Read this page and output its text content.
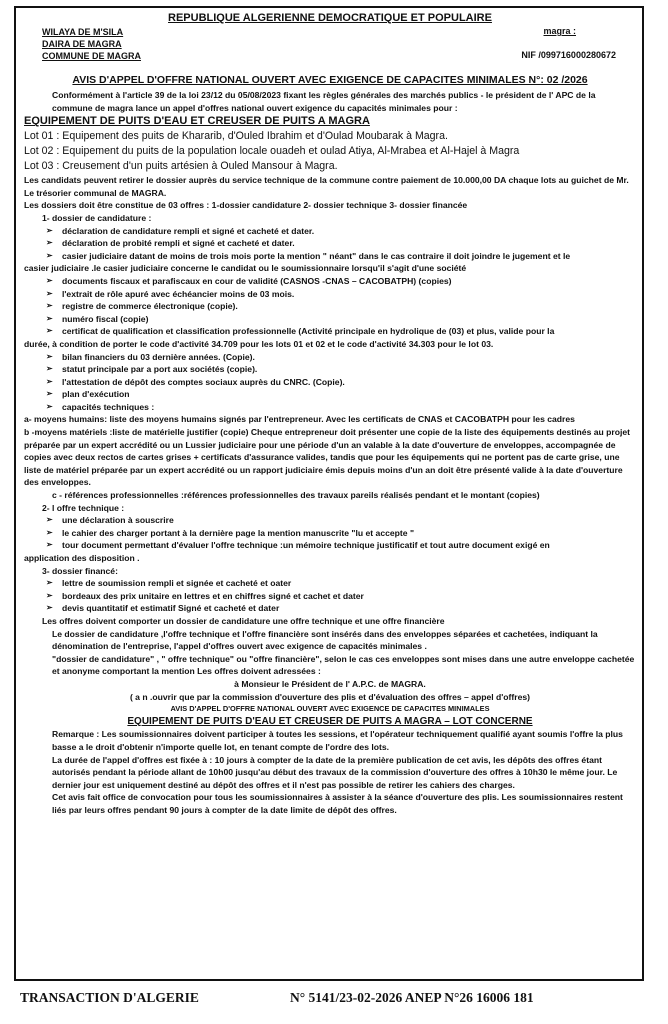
REPUBLIQUE ALGERIENNE DEMOCRATIQUE ET POPULAIRE
WILAYA DE M'SILA
DAIRA DE MAGRA
COMMUNE DE MAGRA
magra :
NIF /099716000280672
AVIS D'APPEL D'OFFRE NATIONAL OUVERT AVEC EXIGENCE DE CAPACITES MINIMALES N°: 02 /2026

Conformément à l'article 39 de la loi 23/12 du 05/08/2023 fixant les règles générales des marchés publics - le président de l' APC de la commune de magra lance un appel d'offres national ouvert exigence du capacités minimales pour :

EQUIPEMENT DE PUITS D'EAU ET CREUSER DE PUITS A MAGRA

Lot 01 : Equipement des puits de Khararib, d'Ouled Ibrahim et d'Oulad Moubarak à Magra.

Lot 02 : Equipement du puits de la population locale ouadeh et oulad Atiya, Al-Mrabea et Al-Hajel à Magra

Lot 03 : Creusement d'un puits artésien à Ouled Mansour à Magra.

Les candidats peuvent retirer le dossier auprès du service technique de la commune contre paiement de 10.000,00 DA chaque lots au guichet de Mr. Le trésorier communal de MAGRA.

Les dossiers doit être constitue de 03 offres : 1-dossier candidature 2- dossier technique 3- dossier financée

1- dossier de candidature :

➢ déclaration de candidature rempli et signé et cacheté et dater.

➢ déclaration de probité rempli et signé et cacheté et dater.

➢ casier judiciaire datant de moins de trois mois porte la mention " néant" dans le cas contraire il doit joindre le jugement et le

casier judiciaire .le casier judiciaire concerne le candidat ou le soumissionnaire lorsqu'il s'agit d'une société

➢ documents fiscaux et parafiscaux en cour de validité (CASNOS -CNAS – CACOBATPH) (copies)

➢ l'extrait de rôle apuré avec échéancier moins de 03 mois.

➢ registre de commerce électronique (copie).

➢ numéro fiscal (copie)

➢ certificat de qualification et classification professionnelle (Activité principale en hydrolique de (03) et plus, valide pour la

durée, à condition de porter le code d'activité 34.709 pour les lots 01 et 02 et le code d'activité 34.303 pour le lot 03.

➢ bilan financiers du 03 dernière années. (Copie).

➢ statut principale par a port aux sociétés (copie).

➢ l'attestation de dépôt des comptes sociaux auprès du CNRC. (Copie).

➢ plan d'exécution

➢ capacités techniques :

a- moyens humains: liste des moyens humains signés par l'entrepreneur. Avec les certificats de CNAS et CACOBATPH pour les cadres

b -moyens matériels :liste de matérielle justifier (copie) Cheque entrepreneur doit présenter une copie de la liste des équipements destinés au projet préparée par un expert accrédité ou un Lussier judiciaire pour une période d'un an valable à la date d'ouverture de enveloppes, accompagnée de copies avec deux rectos de cartes grises + certificats d'assurance valides, tandis que pour les équipements qui ne portent pas de carte grise, une liste de matériel préparée par un expert accrédité ou un rapport judiciaire émis depuis moins d'un an doit être présenté valide à la date d'ouverture des enveloppes.

c - références professionnelles :références professionnelles des travaux pareils réalisés pendant et le montant (copies)

2- l offre technique :

➢ une déclaration à souscrire

➢ le cahier des charger portant à la dernière page la mention manuscrite "lu et accepte "

➢ tour document permettant d'évaluer l'offre technique :un mémoire technique justificatif et tout autre document exigé en

application des disposition .

3- dossier financé:

➢ lettre de soumission rempli et signée et cacheté et oater

➢ bordeaux des prix unitaire en lettres et en chiffres signé et cachet et dater

➢ devis quantitatif et estimatif Signé et cacheté et dater

Les offres doivent comporter un dossier de candidature une offre technique et une offre financière

Le dossier de candidature ,l'offre technique et l'offre financière sont insérés dans des enveloppes séparées et cachetées, indiquant la dénomination de l'entreprise, l'appel d'offres ouvert avec exigence de capacités minimales .

"dossier de candidature" , " offre technique" ou "offre financière", selon le cas ces enveloppes sont mises dans une autre enveloppe cachetée et anonyme comportant la mention Les offres doivent adressées :

à Monsieur le Président de l' A.P.C. de MAGRA.

( a n .ouvrir que par la commission d'ouverture des plis et d'évaluation des offres – appel d'offres)

AVIS D'APPEL D'OFFRE NATIONAL OUVERT AVEC EXIGENCE DE CAPACITES MINIMALES

EQUIPEMENT DE PUITS D'EAU ET CREUSER DE PUITS A MAGRA – LOT CONCERNE

Remarque : Les soumissionnaires doivent participer à toutes les sessions, et l'opérateur techniquement qualifié ayant soumis l'offre la plus basse a le droit d'obtenir n'importe quelle lot, en tenant compte de l'ordre des lots.

La durée de l'appel d'offres est fixée à : 10 jours à compter de la date de la première publication de cet avis, les dépôts des offres étant autorisés pendant la période allant de 10h00 jusqu'au début des travaux de la commission d'ouverture des offres à 10h30 le même jour. Le dernier jour est uniquement destiné au dépôt des offres et il n'est pas possible de retirer les cahiers des charges.

Cet avis fait office de convocation pour tous les soumissionnaires à assister à la séance d'ouverture des plis. Les soumissionnaires restent liés par leurs offres pendant 90 jours à compter de la date limite de dépôt des offres.

TRANSACTION D'ALGERIE	N° 5141/23-02-2026 ANEP N°26 16006 181
